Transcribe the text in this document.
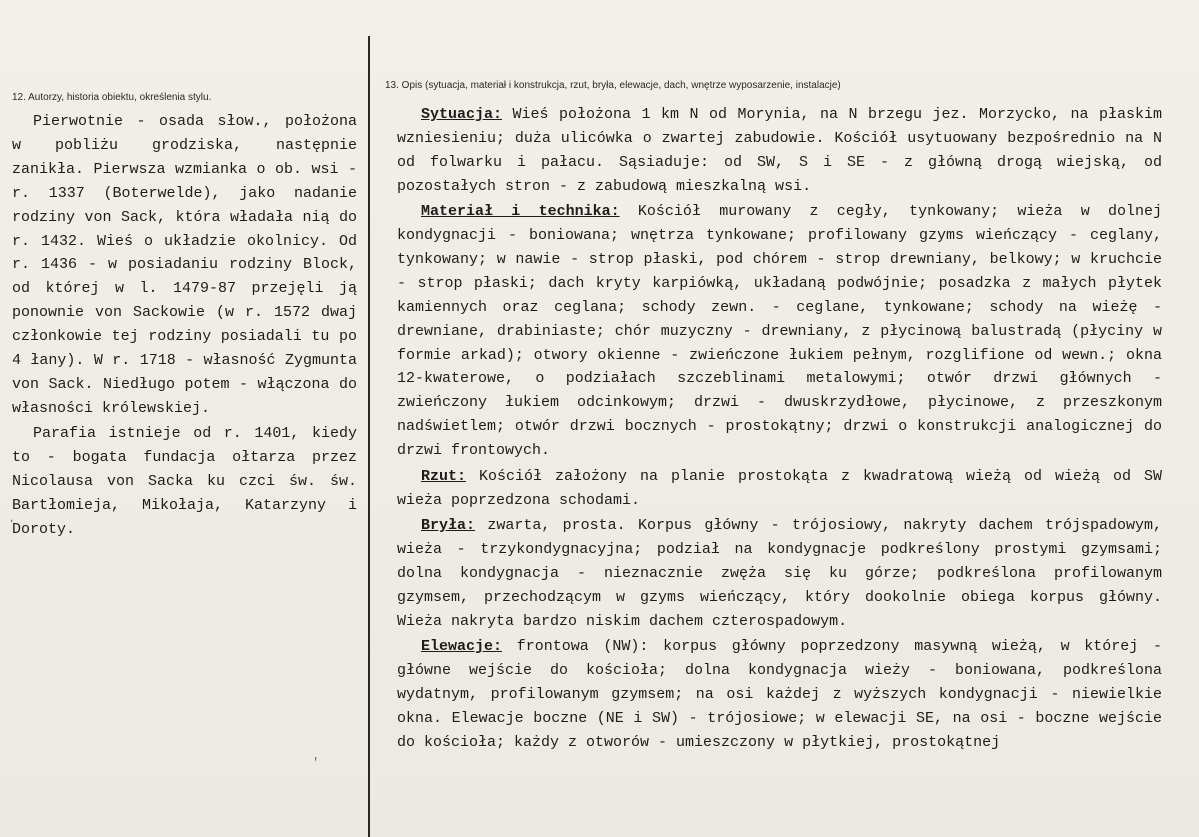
12. Autorzy, historia obiektu, określenia stylu.
13. Opis (sytuacja, materiał i konstrukcja, rzut, bryła, elewacje, dach, wnętrze wyposarzenie, instalacje)

Pierwotnie - osada słow., położona w pobliżu grodziska, następnie zanikła. Pierwsza wzmianka o ob. wsi - r. 1337 (Boterwelde), jako nadanie rodziny von Sack, która władała nią do r. 1432. Wieś o układzie okolnicy. Od r. 1436 - w posiadaniu rodziny Block, od której w l. 1479-87 przejęli ją ponownie von Sackowie (w r. 1572 dwaj członkowie tej rodziny posiadali tu po 4 łany). W r. 1718 - własność Zygmunta von Sack. Niedługo potem - włączona do własności królewskiej.

Parafia istnieje od r. 1401, kiedy to - bogata fundacja ołtarza przez Nicolausa von Sacka ku czci św. św. Bartłomieja, Mikołaja, Katarzyny i Doroty.

Sytuacja: Wieś położona 1 km N od Morynia, na N brzegu jez. Morzycko, na płaskim wzniesieniu; duża ulicówka o zwartej zabudowie. Kościół usytuowany bezpośrednio na N od folwarku i pałacu. Sąsiaduje: od SW, S i SE - z główną drogą wiejską, od pozostałych stron - z zabudową mieszkalną wsi.

Materiał i technika: Kościół murowany z cegły, tynkowany; wieża w dolnej kondygnacji - boniowana; wnętrza tynkowane; profilowany gzyms wieńczący - ceglany, tynkowany; w nawie - strop płaski, pod chórem - strop drewniany, belkowy; w kruchcie - strop płaski; dach kryty karpiówką, układaną podwójnie; posadzka z małych płytek kamiennych oraz ceglana; schody zewn. - ceglane, tynkowane; schody na wieżę - drewniane, drabiniaste; chór muzyczny - drewniany, z płycinową balustradą (płyciny w formie arkad); otwory okienne - zwieńczone łukiem pełnym, rozglifione od wewn.; okna 12-kwaterowe, o podziałach szczeblinami metalowymi; otwór drzwi głównych - zwieńczony łukiem odcinkowym; drzwi - dwuskrzydłowe, płycinowe, z przeszkonym nadświetlem; otwór drzwi bocznych - prostokątny; drzwi o konstrukcji analogicznej do drzwi frontowych.

Rzut: Kościół założony na planie prostokąta z kwadratową wieżą od wieżą od SW wieża poprzedzona schodami.

Bryła: zwarta, prosta. Korpus główny - trójosiowy, nakryty dachem trójspadowym, wieża - trzykondygnacyjna; podział na kondygnacje podkreślony prostymi gzymsami; dolna kondygnacja - nieznacznie zwęża się ku górze; podkreślona profilowanym gzymsem, przechodzącym w gzyms wieńczący, który dookolnie obiega korpus główny. Wieża nakryta bardzo niskim dachem czterospadowym.

Elewacje: frontowa (NW): korpus główny poprzedzony masywną wieżą, w której - główne wejście do kościoła; dolna kondygnacja wieży - boniowana, podkreślona wydatnym, profilowanym gzymsem; na osi każdej z wyższych kondygnacji - niewielkie okna. Elewacje boczne (NE i SW) - trójosiowe; w elewacji SE, na osi - boczne wejście do kościoła; każdy z otworów - umieszczony w płytkiej, prostokątnej

·
'
